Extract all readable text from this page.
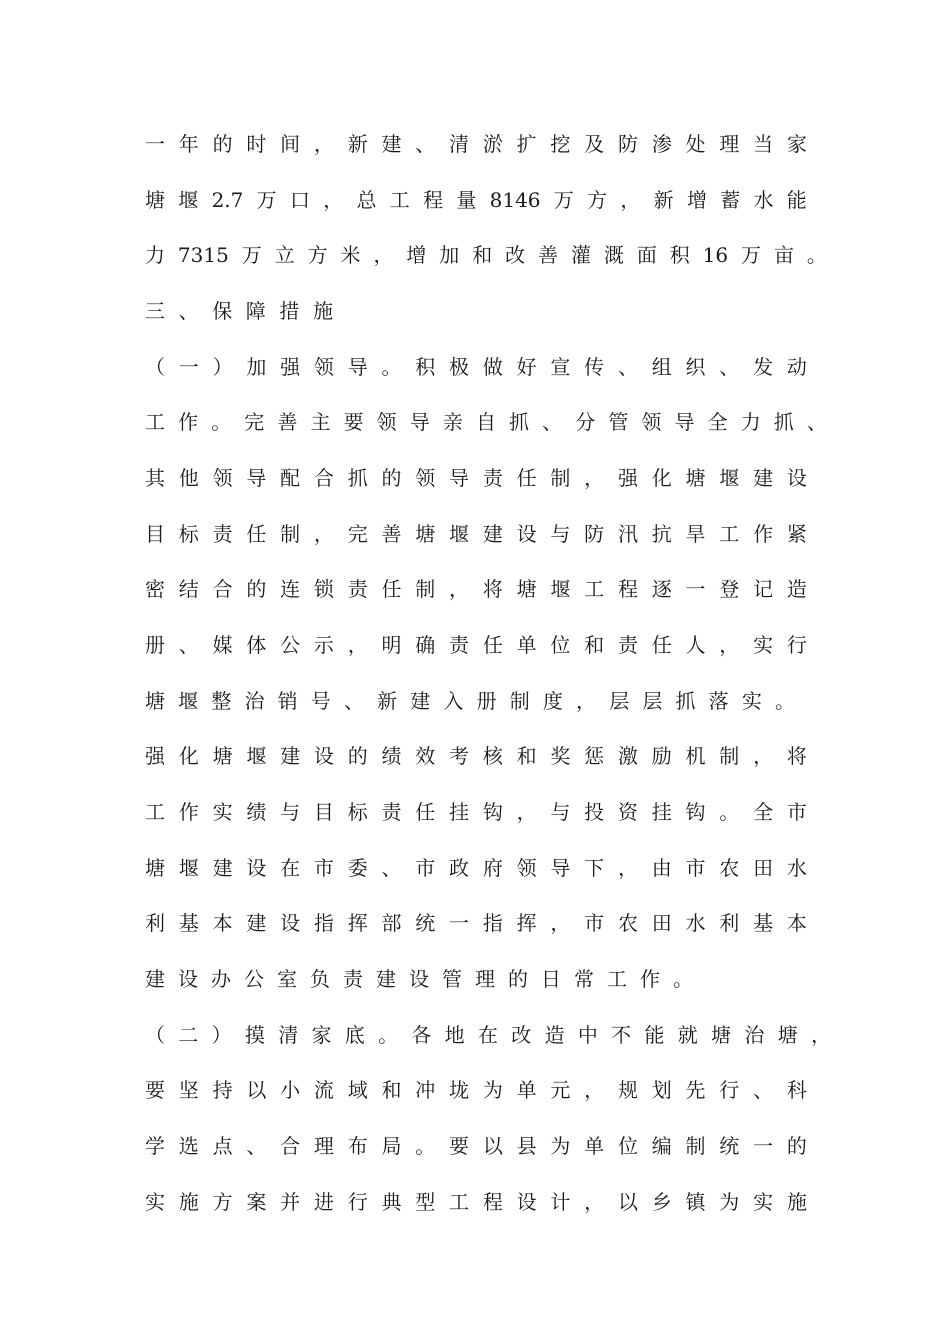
一 年 的 时 间 ， 新 建 、 清 淤 扩 挖 及 防 渗 处 理 当 家
塘 堰 2.7 万 口 ， 总 工 程 量 8146 万 方 ， 新 增 蓄 水 能
力 7315 万 立 方 米 ， 增 加 和 改 善 灌 溉 面 积 16 万 亩 。
三 、 保 障 措 施
（ 一 ） 加 强 领 导 。 积 极 做 好 宣 传 、 组 织 、 发 动
工 作 。 完 善 主 要 领 导 亲 自 抓 、 分 管 领 导 全 力 抓 、
其 他 领 导 配 合 抓 的 领 导 责 任 制 ， 强 化 塘 堰 建 设
目 标 责 任 制 ， 完 善 塘 堰 建 设 与 防 汛 抗 旱 工 作 紧
密 结 合 的 连 锁 责 任 制 ， 将 塘 堰 工 程 逐 一 登 记 造
册 、 媒 体 公 示 ， 明 确 责 任 单 位 和 责 任 人 ， 实 行
塘 堰 整 治 销 号 、 新 建 入 册 制 度 ， 层 层 抓 落 实 。
强 化 塘 堰 建 设 的 绩 效 考 核 和 奖 惩 激 励 机 制 ， 将
工 作 实 绩 与 目 标 责 任 挂 钩 ， 与 投 资 挂 钩 。 全 市
塘 堰 建 设 在 市 委 、 市 政 府 领 导 下 ， 由 市 农 田 水
利 基 本 建 设 指 挥 部 统 一 指 挥 ， 市 农 田 水 利 基 本
建 设 办 公 室 负 责 建 设 管 理 的 日 常 工 作 。
（ 二 ） 摸 清 家 底 。 各 地 在 改 造 中 不 能 就 塘 治 塘 ，
要 坚 持 以 小 流 域 和 冲 垅 为 单 元 ， 规 划 先 行 、 科
学 选 点 、 合 理 布 局 。 要 以 县 为 单 位 编 制 统 一 的
实 施 方 案 并 进 行 典 型 工 程 设 计 ， 以 乡 镇 为 实 施
